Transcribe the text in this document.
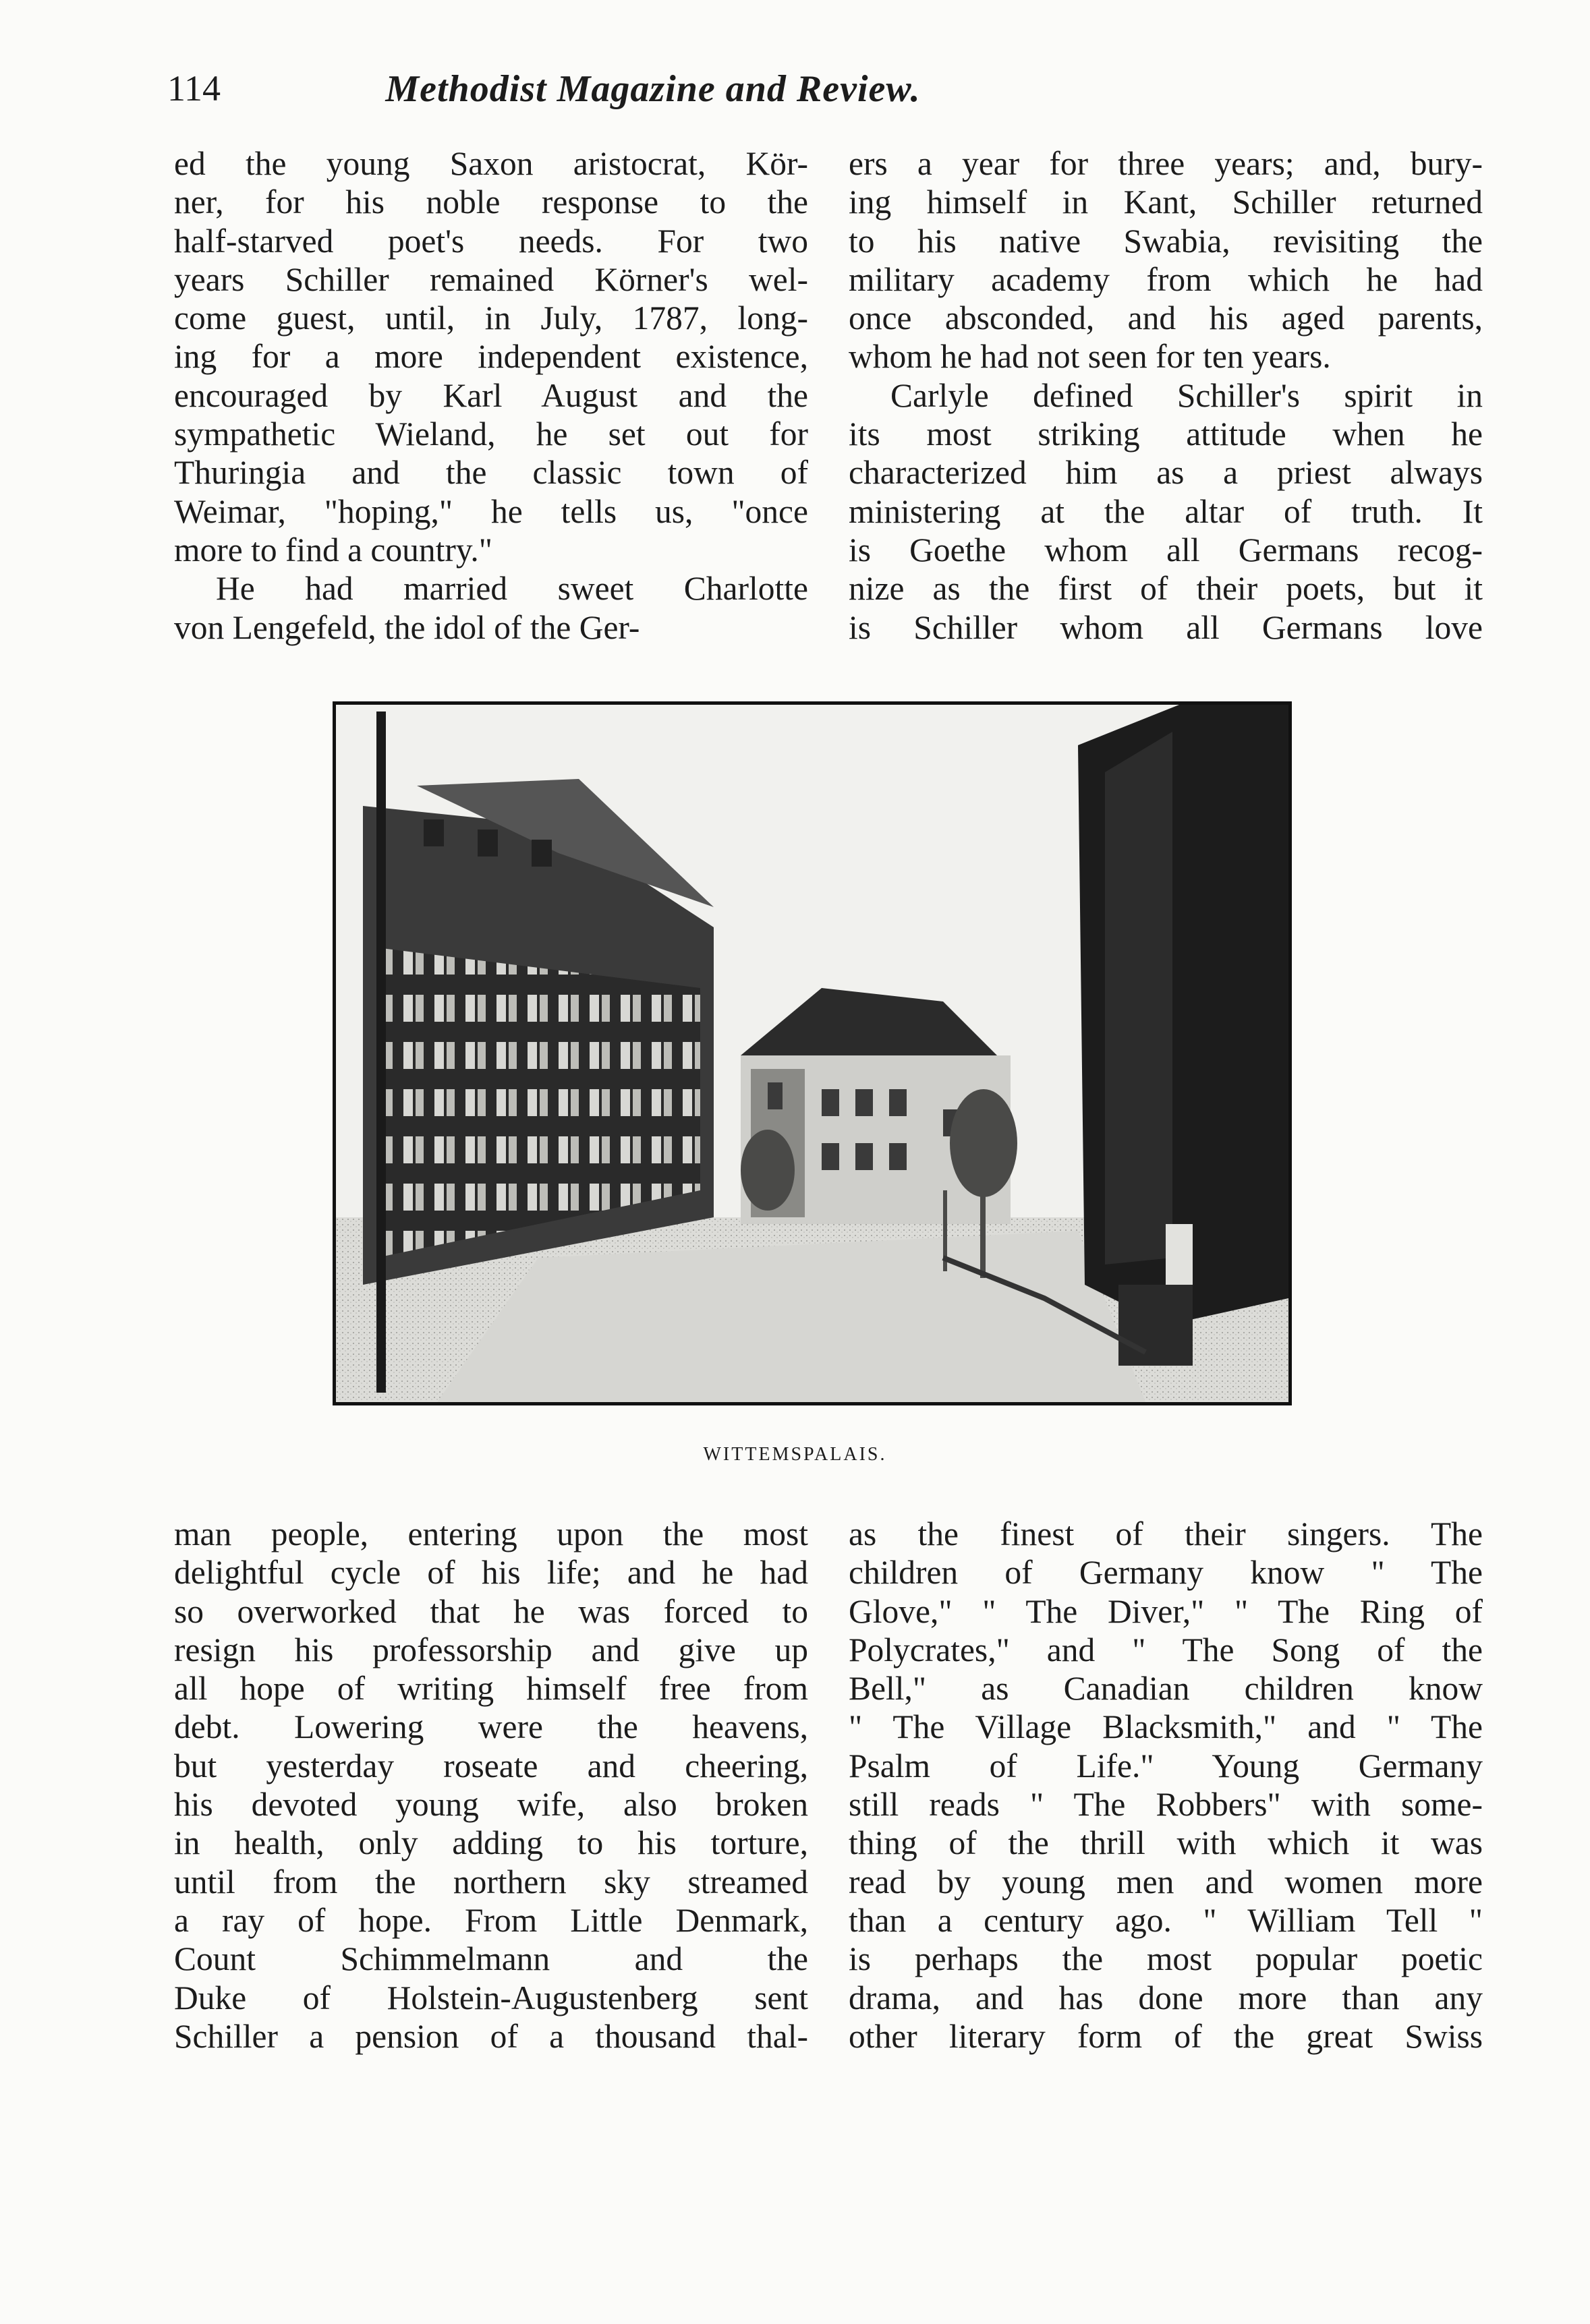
114	Methodist Magazine and Review.
ed the young Saxon aristocrat, Kör-
ner, for his noble response to the
half-starved poet's needs. For two
years Schiller remained Körner's wel-
come guest, until, in July, 1787, long-
ing for a more independent existence,
encouraged by Karl August and the
sympathetic Wieland, he set out for
Thuringia and the classic town of
Weimar, "hoping," he tells us, "once
more to find a country."
He had married sweet Charlotte
von Lengefeld, the idol of the Ger-
ers a year for three years; and, bury-
ing himself in Kant, Schiller returned
to his native Swabia, revisiting the
military academy from which he had
once absconded, and his aged parents,
whom he had not seen for ten years.
Carlyle defined Schiller's spirit in
its most striking attitude when he
characterized him as a priest always
ministering at the altar of truth. It
is Goethe whom all Germans recog-
nize as the first of their poets, but it
is Schiller whom all Germans love
WITTEMSPALAIS.
man people, entering upon the most
delightful cycle of his life; and he had
so overworked that he was forced to
resign his professorship and give up
all hope of writing himself free from
debt. Lowering were the heavens,
but yesterday roseate and cheering,
his devoted young wife, also broken
in health, only adding to his torture,
until from the northern sky streamed
a ray of hope. From Little Denmark,
Count Schimmelmann and the
Duke of Holstein-Augustenberg sent
Schiller a pension of a thousand thal-
as the finest of their singers. The
children of Germany know " The
Glove," " The Diver," " The Ring of
Polycrates," and " The Song of the
Bell," as Canadian children know
" The Village Blacksmith," and " The
Psalm of Life." Young Germany
still reads " The Robbers" with some-
thing of the thrill with which it was
read by young men and women more
than a century ago. " William Tell "
is perhaps the most popular poetic
drama, and has done more than any
other literary form of the great Swiss
